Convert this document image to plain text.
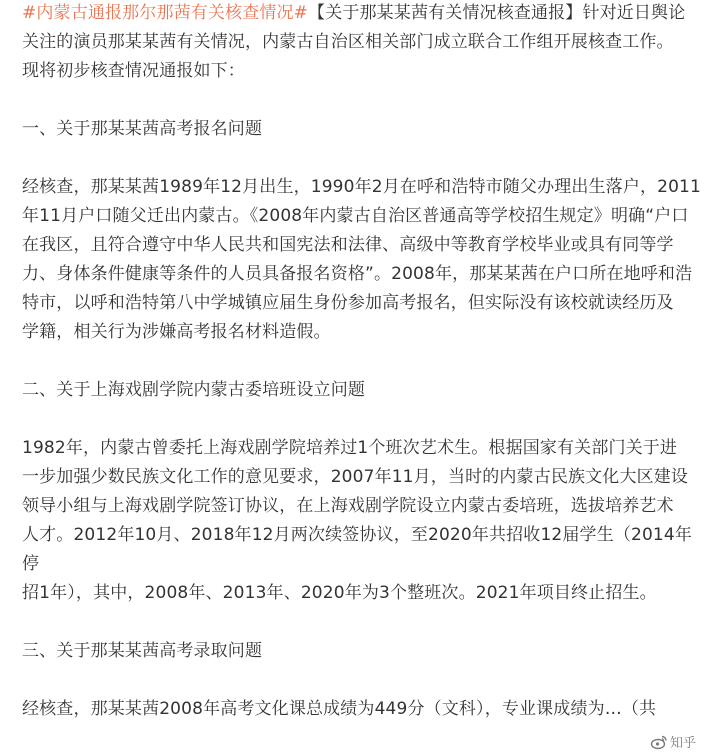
#内蒙古通报那尔那茜有关核查情况#【关于那某某茜有关情况核查通报】针对近日舆论
关注的演员那某某茜有关情况，内蒙古自治区相关部门成立联合工作组开展核查工作。
现将初步核查情况通报如下：

一、关于那某某茜高考报名问题

经核查，那某某茜1989年12月出生，1990年2月在呼和浩特市随父办理出生落户，2011
年11月户口随父迁出内蒙古。《2008年内蒙古自治区普通高等学校招生规定》明确“户口
在我区，且符合遵守中华人民共和国宪法和法律、高级中等教育学校毕业或具有同等学
力、身体条件健康等条件的人员具备报名资格”。2008年，那某某茜在户口所在地呼和浩
特市，以呼和浩特第八中学城镇应届生身份参加高考报名，但实际没有该校就读经历及
学籍，相关行为涉嫌高考报名材料造假。

二、关于上海戏剧学院内蒙古委培班设立问题

1982年，内蒙古曾委托上海戏剧学院培养过1个班次艺术生。根据国家有关部门关于进
一步加强少数民族文化工作的意见要求，2007年11月，当时的内蒙古民族文化大区建设
领导小组与上海戏剧学院签订协议，在上海戏剧学院设立内蒙古委培班，选拔培养艺术
人才。2012年10月、2018年12月两次续签协议，至2020年共招收12届学生（2014年停
招1年），其中，2008年、2013年、2020年为3个整班次。2021年项目终止招生。

三、关于那某某茜高考录取问题

经核查，那某某茜2008年高考文化课总成绩为449分（文科），专业课成绩为…（共

知乎
